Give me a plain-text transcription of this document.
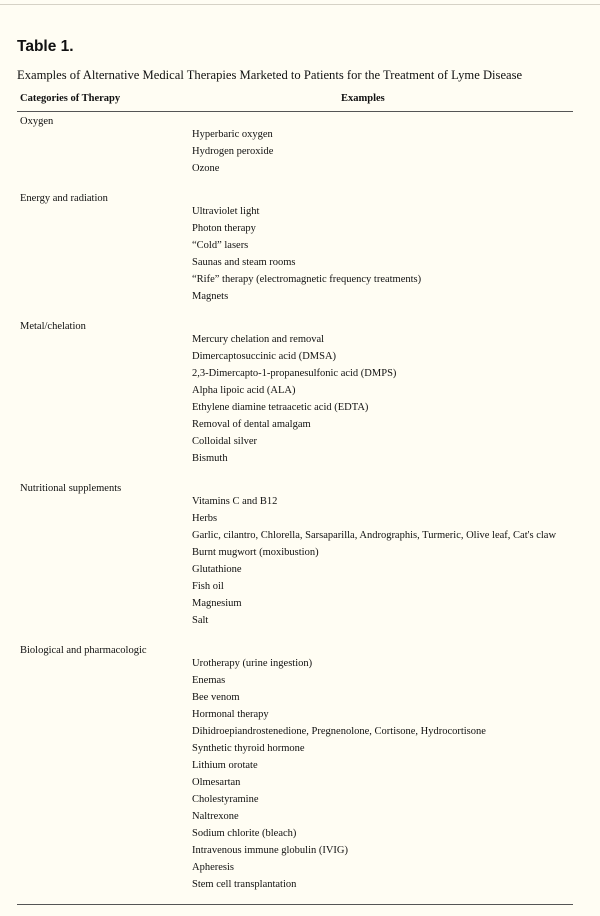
Table 1.
Examples of Alternative Medical Therapies Marketed to Patients for the Treatment of Lyme Disease
Categories of Therapy	Examples
Oxygen
Hyperbaric oxygen
Hydrogen peroxide
Ozone
Energy and radiation
Ultraviolet light
Photon therapy
“Cold” lasers
Saunas and steam rooms
“Rife” therapy (electromagnetic frequency treatments)
Magnets
Metal/chelation
Mercury chelation and removal
Dimercaptosuccinic acid (DMSA)
2,3-Dimercapto-1-propanesulfonic acid (DMPS)
Alpha lipoic acid (ALA)
Ethylene diamine tetraacetic acid (EDTA)
Removal of dental amalgam
Colloidal silver
Bismuth
Nutritional supplements
Vitamins C and B12
Herbs
Garlic, cilantro, Chlorella, Sarsaparilla, Andrographis, Turmeric, Olive leaf, Cat's claw
Burnt mugwort (moxibustion)
Glutathione
Fish oil
Magnesium
Salt
Biological and pharmacologic
Urotherapy (urine ingestion)
Enemas
Bee venom
Hormonal therapy
Dihidroepiandrostenedione, Pregnenolone, Cortisone, Hydrocortisone
Synthetic thyroid hormone
Lithium orotate
Olmesartan
Cholestyramine
Naltrexone
Sodium chlorite (bleach)
Intravenous immune globulin (IVIG)
Apheresis
Stem cell transplantation
